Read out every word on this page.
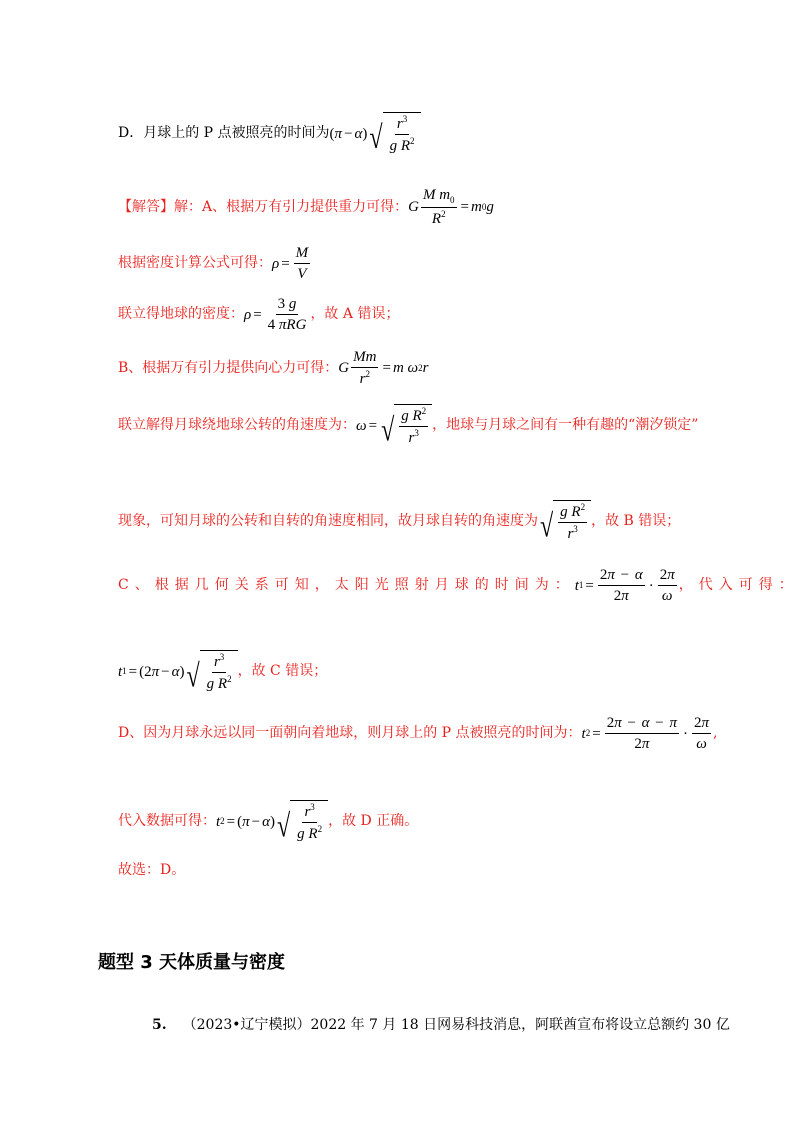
D．月球上的 P 点被照亮的时间为 ( π − α ) √ $\frac{r^3}{g R^2}$
【解答】 解：A、根据万有引力提供重力可得： G $\frac{M m_0}{R^2} = m$ 0 g
根据密度计算公式可得： $\rho = \frac{M}{V}$
联立得地球的密度： $\rho = \frac{3 g}{\text{4 πRG}}$ ，故 A 错误；
B、根据万有引力提供向心力可得： G $\frac{Mm}{r^2} = m$ ω 2 r
联立解得月球绕地球公转的角速度为： ω = √ $\frac{g R^2}{r^3}$ ，地球与月球之间有一种有趣的“潮汐锁定”
现象，可知月球的公转和自转的角速度相同，故月球自转的角速度为 √ $\frac{g R^2}{r^3}$ ，故 B 错误；
C、根据几何关系可知，太阳光照射月球的时间为： t $1 = \frac{2\pi - \alpha}{2\pi} \cdot \frac{2\pi}{\omega}$ ，代入可得：
t 1 = ( 2 π − α ) √ $\frac{r^3}{g R^2}$ ，故 C 错误；
D、因为月球永远以同一面朝向着地球，则月球上的 P 点被照亮的时间为： t $2 = \frac{2\pi - \alpha - \pi}{2\pi} \cdot \frac{2\pi}{\omega}$ ,
代入数据可得： t 2 = ( π − α ) √ $\frac{r^3}{g R^2}$ ，故 D 正确。
故选：D。
题型 3 天体质量与密度
5. （2023•辽宁模拟）2022 年 7 月 18 日网易科技消息，阿联酋宣布将设立总额约 30 亿
